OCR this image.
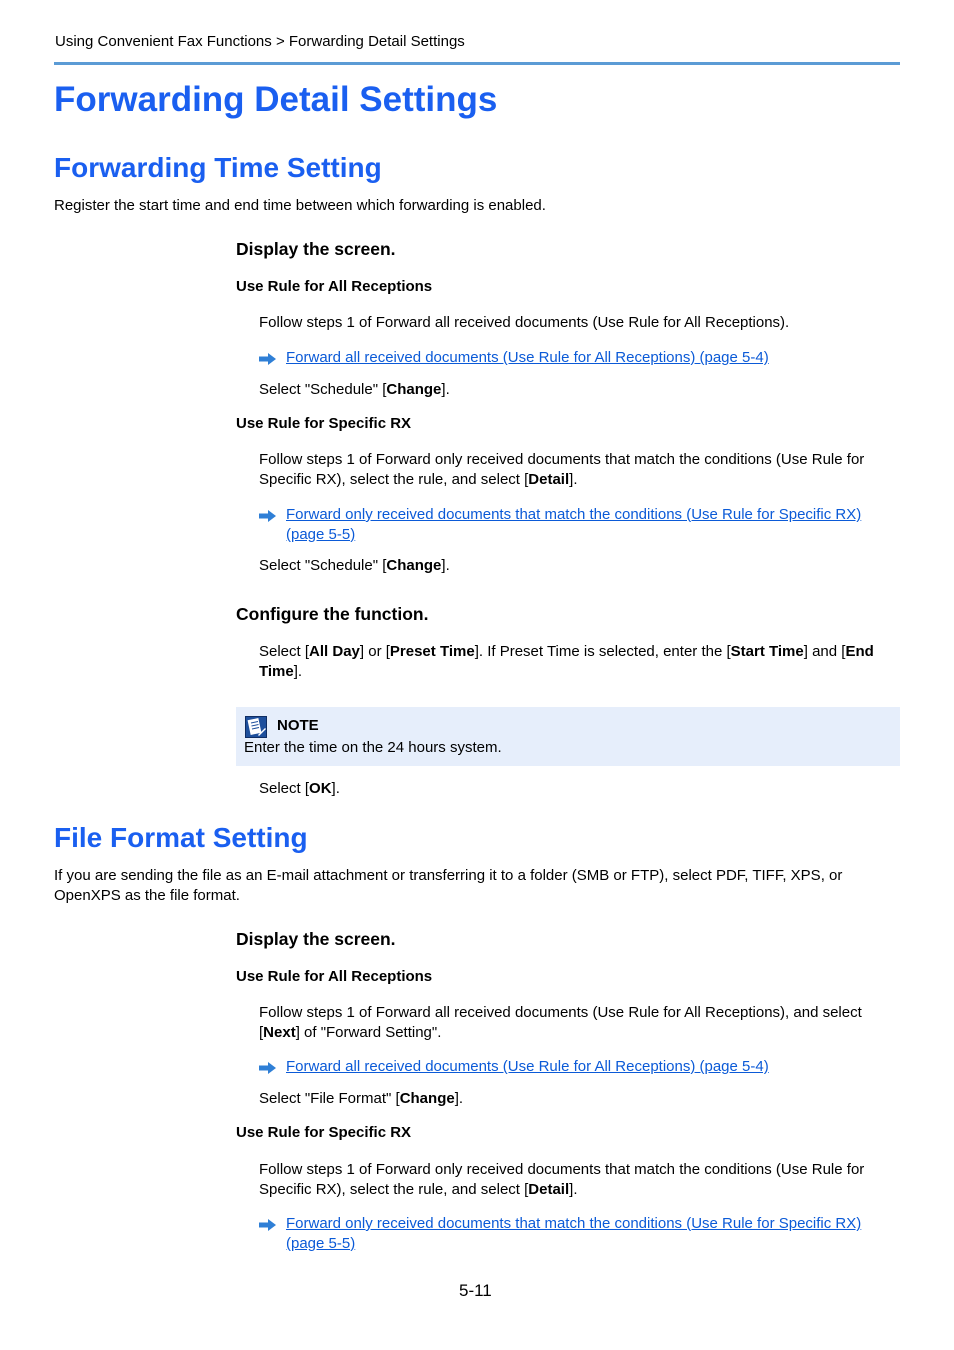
Using Convenient Fax Functions > Forwarding Detail Settings
Forwarding Detail Settings
Forwarding Time Setting
Register the start time and end time between which forwarding is enabled.
Display the screen.
Use Rule for All Receptions
Follow steps 1 of Forward all received documents (Use Rule for All Receptions).
Forward all received documents (Use Rule for All Receptions) (page 5-4)
Select "Schedule" [Change].
Use Rule for Specific RX
Follow steps 1 of Forward only received documents that match the conditions (Use Rule for Specific RX), select the rule, and select [Detail].
Forward only received documents that match the conditions (Use Rule for Specific RX)
(page 5-5)
Select "Schedule" [Change].
Configure the function.
Select [All Day] or [Preset Time]. If Preset Time is selected, enter the [Start Time] and [End Time].
NOTE
Enter the time on the 24 hours system.
Select [OK].
File Format Setting
If you are sending the file as an E-mail attachment or transferring it to a folder (SMB or FTP), select PDF, TIFF, XPS, or OpenXPS as the file format.
Display the screen.
Use Rule for All Receptions
Follow steps 1 of Forward all received documents (Use Rule for All Receptions), and select [Next] of "Forward Setting".
Forward all received documents (Use Rule for All Receptions) (page 5-4)
Select "File Format" [Change].
Use Rule for Specific RX
Follow steps 1 of Forward only received documents that match the conditions (Use Rule for Specific RX), select the rule, and select [Detail].
Forward only received documents that match the conditions (Use Rule for Specific RX)
(page 5-5)
5-11
